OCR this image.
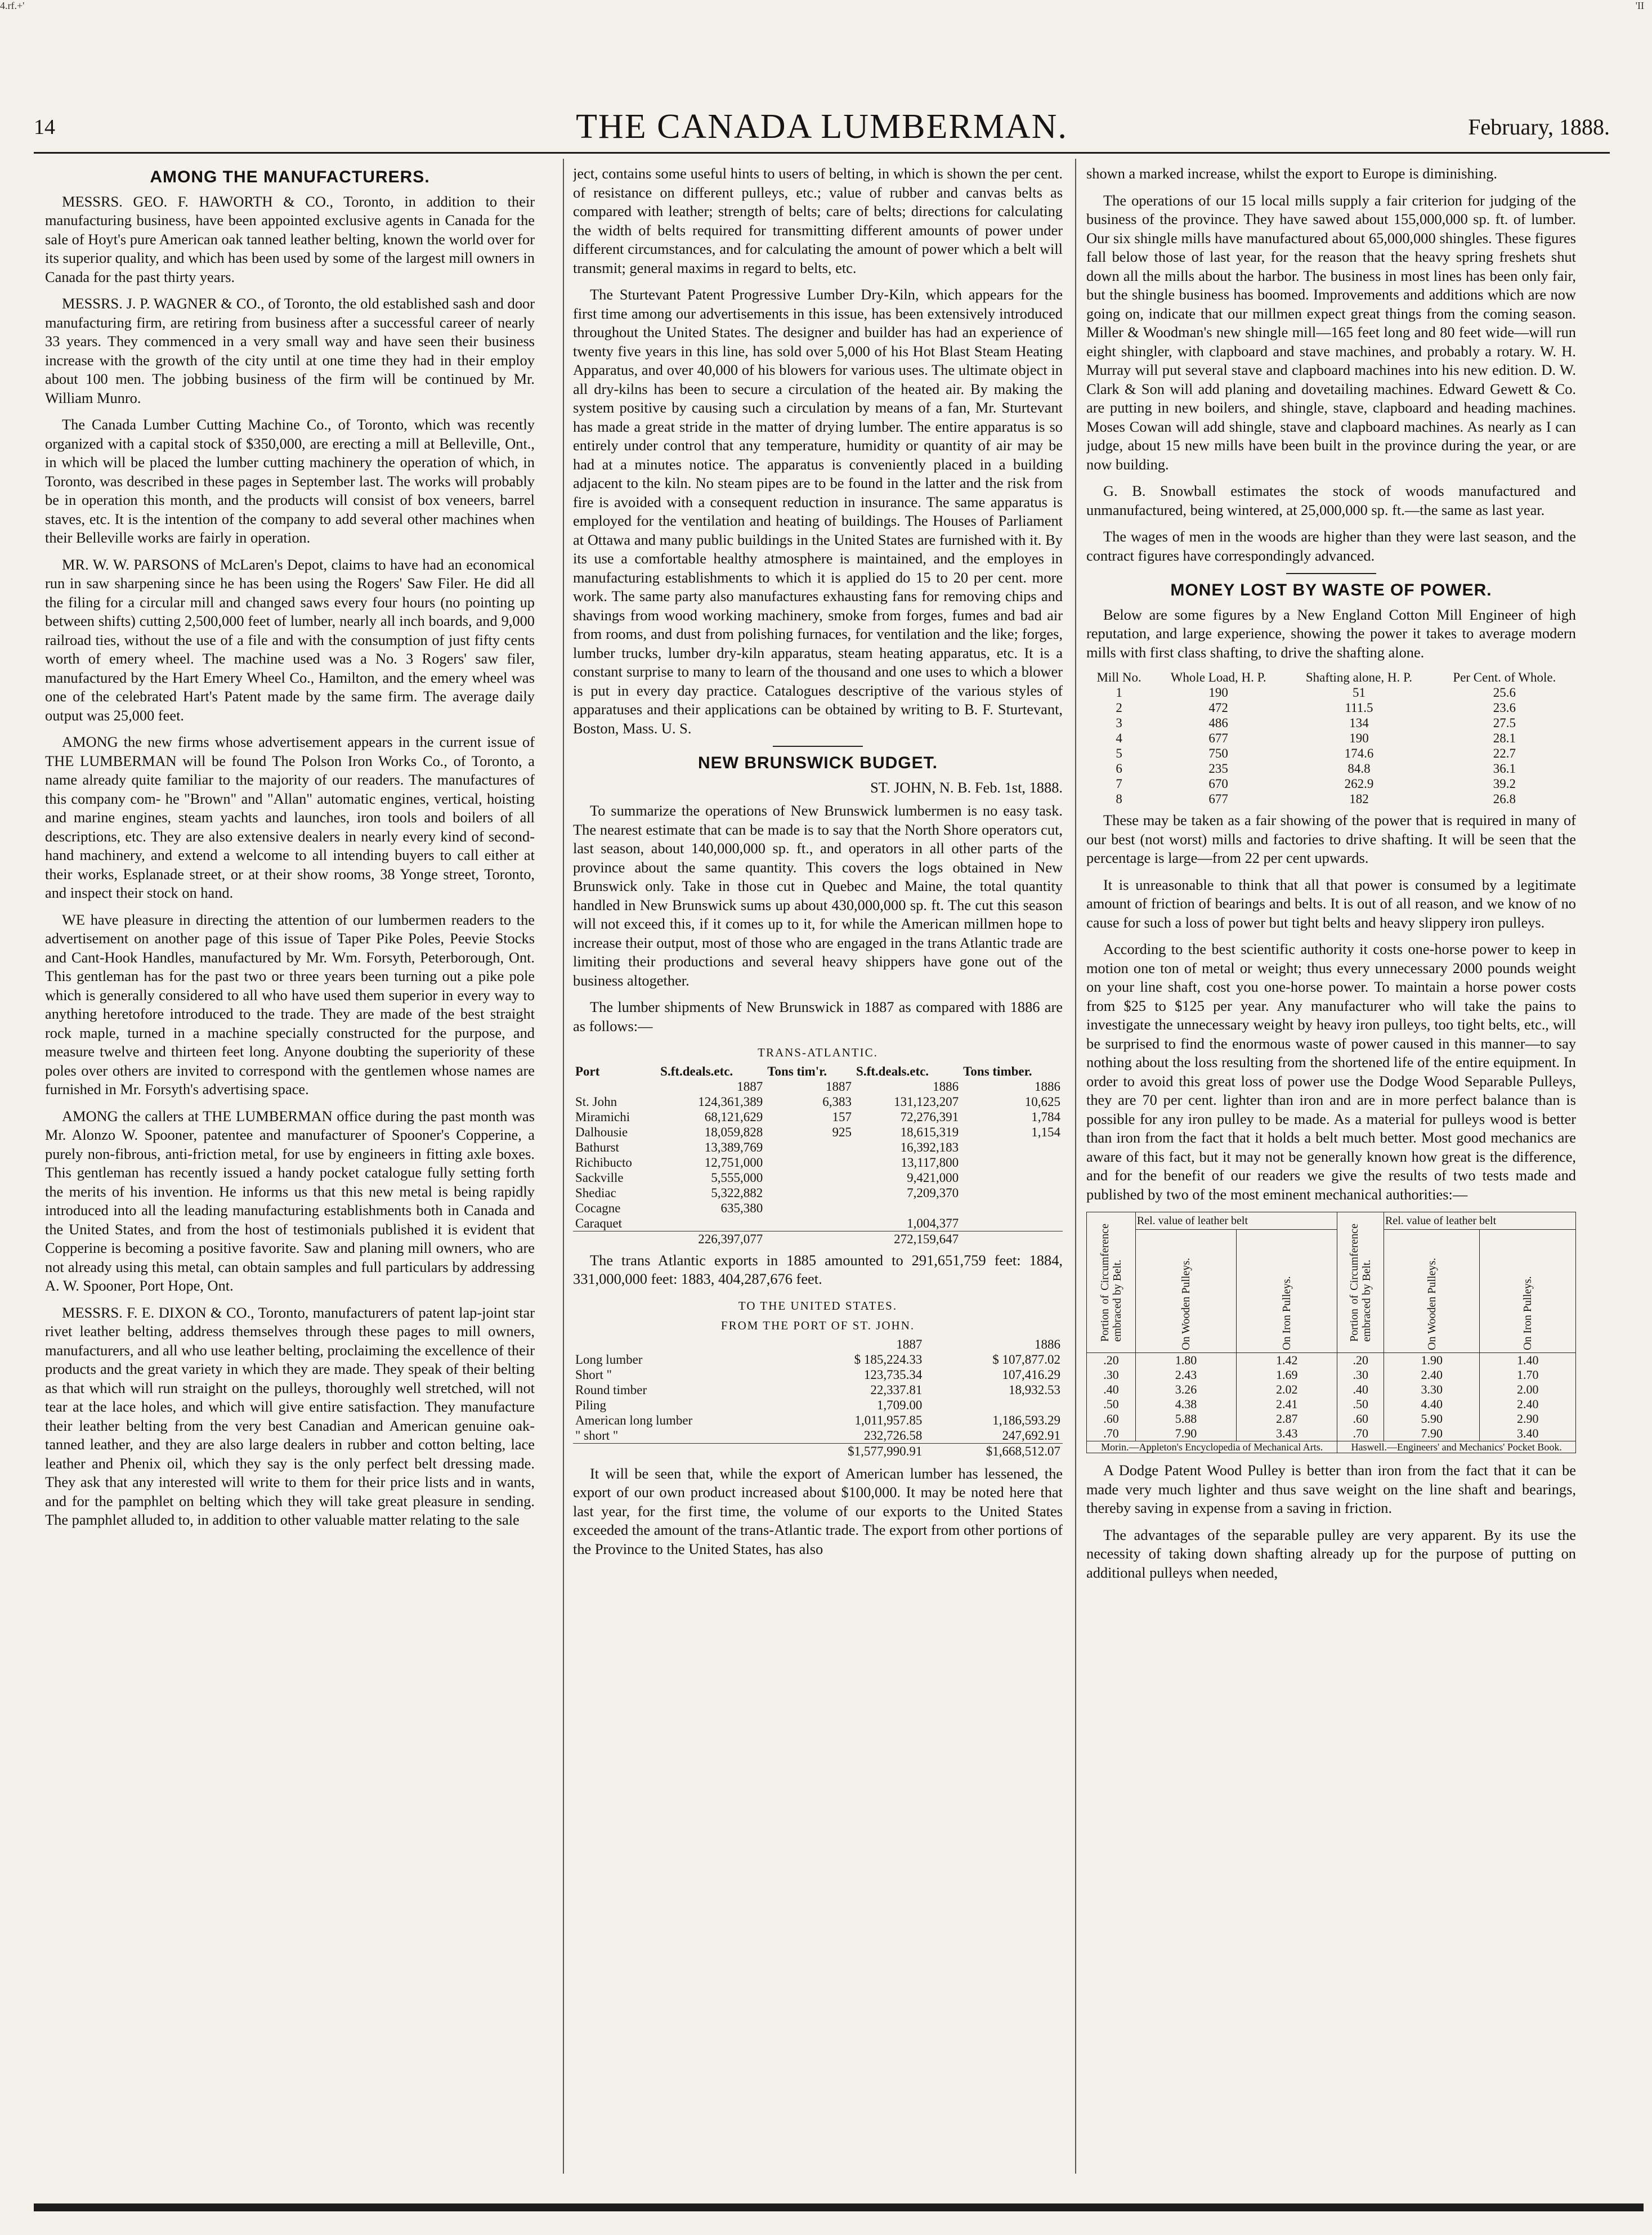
4.rf.+'	'II
14	THE CANADA LUMBERMAN.	February, 1888.
AMONG THE MANUFACTURERS.

MESSRS. GEO. F. HAWORTH & CO., Toronto, in addition to their manufacturing business, have been appointed exclusive agents in Canada for the sale of Hoyt's pure American oak tanned leather belting, known the world over for its superior quality, and which has been used by some of the largest mill owners in Canada for the past thirty years.

MESSRS. J. P. WAGNER & CO., of Toronto, the old established sash and door manufacturing firm, are retiring from business after a successful career of nearly 33 years. They commenced in a very small way and have seen their business increase with the growth of the city until at one time they had in their employ about 100 men. The jobbing business of the firm will be continued by Mr. William Munro.

The Canada Lumber Cutting Machine Co., of Toronto, which was recently organized with a capital stock of $350,000, are erecting a mill at Belleville, Ont., in which will be placed the lumber cutting machinery the operation of which, in Toronto, was described in these pages in September last. The works will probably be in operation this month, and the products will consist of box veneers, barrel staves, etc. It is the intention of the company to add several other machines when their Belleville works are fairly in operation.

MR. W. W. PARSONS of McLaren's Depot, claims to have had an economical run in saw sharpening since he has been using the Rogers' Saw Filer. He did all the filing for a circular mill and changed saws every four hours (no pointing up between shifts) cutting 2,500,000 feet of lumber, nearly all inch boards, and 9,000 railroad ties, without the use of a file and with the consumption of just fifty cents worth of emery wheel. The machine used was a No. 3 Rogers' saw filer, manufactured by the Hart Emery Wheel Co., Hamilton, and the emery wheel was one of the celebrated Hart's Patent made by the same firm. The average daily output was 25,000 feet.

AMONG the new firms whose advertisement appears in the current issue of THE LUMBERMAN will be found The Polson Iron Works Co., of Toronto, a name already quite familiar to the majority of our readers. The manufactures of this company com- he "Brown" and "Allan" automatic engines, vertical, hoisting and marine engines, steam yachts and launches, iron tools and boilers of all descriptions, etc. They are also extensive dealers in nearly every kind of second-hand machinery, and extend a welcome to all intending buyers to call either at their works, Esplanade street, or at their show rooms, 38 Yonge street, Toronto, and inspect their stock on hand.

WE have pleasure in directing the attention of our lumbermen readers to the advertisement on another page of this issue of Taper Pike Poles, Peevie Stocks and Cant-Hook Handles, manufactured by Mr. Wm. Forsyth, Peterborough, Ont. This gentleman has for the past two or three years been turning out a pike pole which is generally considered to all who have used them superior in every way to anything heretofore introduced to the trade. They are made of the best straight rock maple, turned in a machine specially constructed for the purpose, and measure twelve and thirteen feet long. Anyone doubting the superiority of these poles over others are invited to correspond with the gentlemen whose names are furnished in Mr. Forsyth's advertising space.

AMONG the callers at THE LUMBERMAN office during the past month was Mr. Alonzo W. Spooner, patentee and manufacturer of Spooner's Copperine, a purely non-fibrous, anti-friction metal, for use by engineers in fitting axle boxes. This gentleman has recently issued a handy pocket catalogue fully setting forth the merits of his invention. He informs us that this new metal is being rapidly introduced into all the leading manufacturing establishments both in Canada and the United States, and from the host of testimonials published it is evident that Copperine is becoming a positive favorite. Saw and planing mill owners, who are not already using this metal, can obtain samples and full particulars by addressing A. W. Spooner, Port Hope, Ont.

MESSRS. F. E. DIXON & CO., Toronto, manufacturers of patent lap-joint star rivet leather belting, address themselves through these pages to mill owners, manufacturers, and all who use leather belting, proclaiming the excellence of their products and the great variety in which they are made. They speak of their belting as that which will run straight on the pulleys, thoroughly well stretched, will not tear at the lace holes, and which will give entire satisfaction. They manufacture their leather belting from the very best Canadian and American genuine oak-tanned leather, and they are also large dealers in rubber and cotton belting, lace leather and Phenix oil, which they say is the only perfect belt dressing made. They ask that any interested will write to them for their price lists and in wants, and for the pamphlet on belting which they will take great pleasure in sending. The pamphlet alluded to, in addition to other valuable matter relating to the sale

ject, contains some useful hints to users of belting, in which is shown the per cent. of resistance on different pulleys, etc.; value of rubber and canvas belts as compared with leather; strength of belts; care of belts; directions for calculating the width of belts required for transmitting different amounts of power under different circumstances, and for calculating the amount of power which a belt will transmit; general maxims in regard to belts, etc.

The Sturtevant Patent Progressive Lumber Dry-Kiln, which appears for the first time among our advertisements in this issue, has been extensively introduced throughout the United States. The designer and builder has had an experience of twenty five years in this line, has sold over 5,000 of his Hot Blast Steam Heating Apparatus, and over 40,000 of his blowers for various uses. The ultimate object in all dry-kilns has been to secure a circulation of the heated air. By making the system positive by causing such a circulation by means of a fan, Mr. Sturtevant has made a great stride in the matter of drying lumber. The entire apparatus is so entirely under control that any temperature, humidity or quantity of air may be had at a minutes notice. The apparatus is conveniently placed in a building adjacent to the kiln. No steam pipes are to be found in the latter and the risk from fire is avoided with a consequent reduction in insurance. The same apparatus is employed for the ventilation and heating of buildings. The Houses of Parliament at Ottawa and many public buildings in the United States are furnished with it. By its use a comfortable healthy atmosphere is maintained, and the employes in manufacturing establishments to which it is applied do 15 to 20 per cent. more work. The same party also manufactures exhausting fans for removing chips and shavings from wood working machinery, smoke from forges, fumes and bad air from rooms, and dust from polishing furnaces, for ventilation and the like; forges, lumber trucks, lumber dry-kiln apparatus, steam heating apparatus, etc. It is a constant surprise to many to learn of the thousand and one uses to which a blower is put in every day practice. Catalogues descriptive of the various styles of apparatuses and their applications can be obtained by writing to B. F. Sturtevant, Boston, Mass. U. S.

NEW BRUNSWICK BUDGET.
ST. JOHN, N. B. Feb. 1st, 1888.

To summarize the operations of New Brunswick lumbermen is no easy task. The nearest estimate that can be made is to say that the North Shore operators cut, last season, about 140,000,000 sp. ft., and operators in all other parts of the province about the same quantity. This covers the logs obtained in New Brunswick only. Take in those cut in Quebec and Maine, the total quantity handled in New Brunswick sums up about 430,000,000 sp. ft. The cut this season will not exceed this, if it comes up to it, for while the American millmen hope to increase their output, most of those who are engaged in the trans Atlantic trade are limiting their productions and several heavy shippers have gone out of the business altogether.

The lumber shipments of New Brunswick in 1887 as compared with 1886 are as follows:—

TRANS-ATLANTIC.
Port	S.ft.deals.etc.	Tons tim'r.	S.ft.deals.etc.	Tons timber.
	1887	1887	1886	1886
St. John	124,361,389	6,383	131,123,207	10,625
Miramichi	68,121,629	157	72,276,391	1,784
Dalhousie	18,059,828	925	18,615,319	1,154
Bathurst	13,389,769		16,392,183	
Richibucto	12,751,000		13,117,800	
Sackville	5,555,000		9,421,000	
Shediac	5,322,882		7,209,370	
Cocagne	635,380			
Caraquet			1,004,377	
	226,397,077		272,159,647	

The trans Atlantic exports in 1885 amounted to 291,651,759 feet: 1884, 331,000,000 feet: 1883, 404,287,676 feet.

TO THE UNITED STATES.
FROM THE PORT OF ST. JOHN.
	1887	1886
Long lumber	$ 185,224.33	$ 107,877.02
Short "	123,735.34	107,416.29
Round timber	22,337.81	18,932.53
Piling	1,709.00	
American long lumber	1,011,957.85	1,186,593.29
" short "	232,726.58	247,692.91
	$1,577,990.91	$1,668,512.07

It will be seen that, while the export of American lumber has lessened, the export of our own product increased about $100,000. It may be noted here that last year, for the first time, the volume of our exports to the United States exceeded the amount of the trans-Atlantic trade. The export from other portions of the Province to the United States, has also

shown a marked increase, whilst the export to Europe is diminishing.

The operations of our 15 local mills supply a fair criterion for judging of the business of the province. They have sawed about 155,000,000 sp. ft. of lumber. Our six shingle mills have manufactured about 65,000,000 shingles. These figures fall below those of last year, for the reason that the heavy spring freshets shut down all the mills about the harbor. The business in most lines has been only fair, but the shingle business has boomed. Improvements and additions which are now going on, indicate that our millmen expect great things from the coming season. Miller & Woodman's new shingle mill—165 feet long and 80 feet wide—will run eight shingler, with clapboard and stave machines, and probably a rotary. W. H. Murray will put several stave and clapboard machines into his new edition. D. W. Clark & Son will add planing and dovetailing machines. Edward Gewett & Co. are putting in new boilers, and shingle, stave, clapboard and heading machines. Moses Cowan will add shingle, stave and clapboard machines. As nearly as I can judge, about 15 new mills have been built in the province during the year, or are now building.

G. B. Snowball estimates the stock of woods manufactured and unmanufactured, being wintered, at 25,000,000 sp. ft.—the same as last year.

The wages of men in the woods are higher than they were last season, and the contract figures have correspondingly advanced.

MONEY LOST BY WASTE OF POWER.

Below are some figures by a New England Cotton Mill Engineer of high reputation, and large experience, showing the power it takes to average modern mills with first class shafting, to drive the shafting alone.

Mill No.	Whole Load, H. P.	Shafting alone, H. P.	Per Cent. of Whole.
1	190	51	25.6
2	472	111.5	23.6
3	486	134	27.5
4	677	190	28.1
5	750	174.6	22.7
6	235	84.8	36.1
7	670	262.9	39.2
8	677	182	26.8

These may be taken as a fair showing of the power that is required in many of our best (not worst) mills and factories to drive shafting. It will be seen that the percentage is large—from 22 per cent upwards.

It is unreasonable to think that all that power is consumed by a legitimate amount of friction of bearings and belts. It is out of all reason, and we know of no cause for such a loss of power but tight belts and heavy slippery iron pulleys.

According to the best scientific authority it costs one-horse power to keep in motion one ton of metal or weight; thus every unnecessary 2000 pounds weight on your line shaft, cost you one-horse power. To maintain a horse power costs from $25 to $125 per year. Any manufacturer who will take the pains to investigate the unnecessary weight by heavy iron pulleys, too tight belts, etc., will be surprised to find the enormous waste of power caused in this manner—to say nothing about the loss resulting from the shortened life of the entire equipment. In order to avoid this great loss of power use the Dodge Wood Separable Pulleys, they are 70 per cent. lighter than iron and are in more perfect balance than is possible for any iron pulley to be made. As a material for pulleys wood is better than iron from the fact that it holds a belt much better. Most good mechanics are aware of this fact, but it may not be generally known how great is the difference, and for the benefit of our readers we give the results of two tests made and published by two of the most eminent mechanical authorities:—

Portion of Circumference embraced by Belt.	Rel. value of leather belt		Portion of Circumference embraced by Belt.	Rel. value of leather belt	

	On Wooden Pulleys.	On Iron Pulleys.		On Wooden Pulleys.	On Iron Pulleys.

.20	1.80	1.42	.20	1.90	1.40
.30	2.43	1.69	.30	2.40	1.70
.40	3.26	2.02	.40	3.30	2.00
.50	4.38	2.41	.50	4.40	2.40
.60	5.88	2.87	.60	5.90	2.90
.70	7.90	3.43	.70	7.90	3.40
Morin.—Appleton's Encyclopedia of Mechanical Arts.			Haswell.—Engineers' and Mechanics' Pocket Book.		

A Dodge Patent Wood Pulley is better than iron from the fact that it can be made very much lighter and thus save weight on the line shaft and bearings, thereby saving in expense from a saving in friction.

The advantages of the separable pulley are very apparent. By its use the necessity of taking down shafting already up for the purpose of putting on additional pulleys when needed,
